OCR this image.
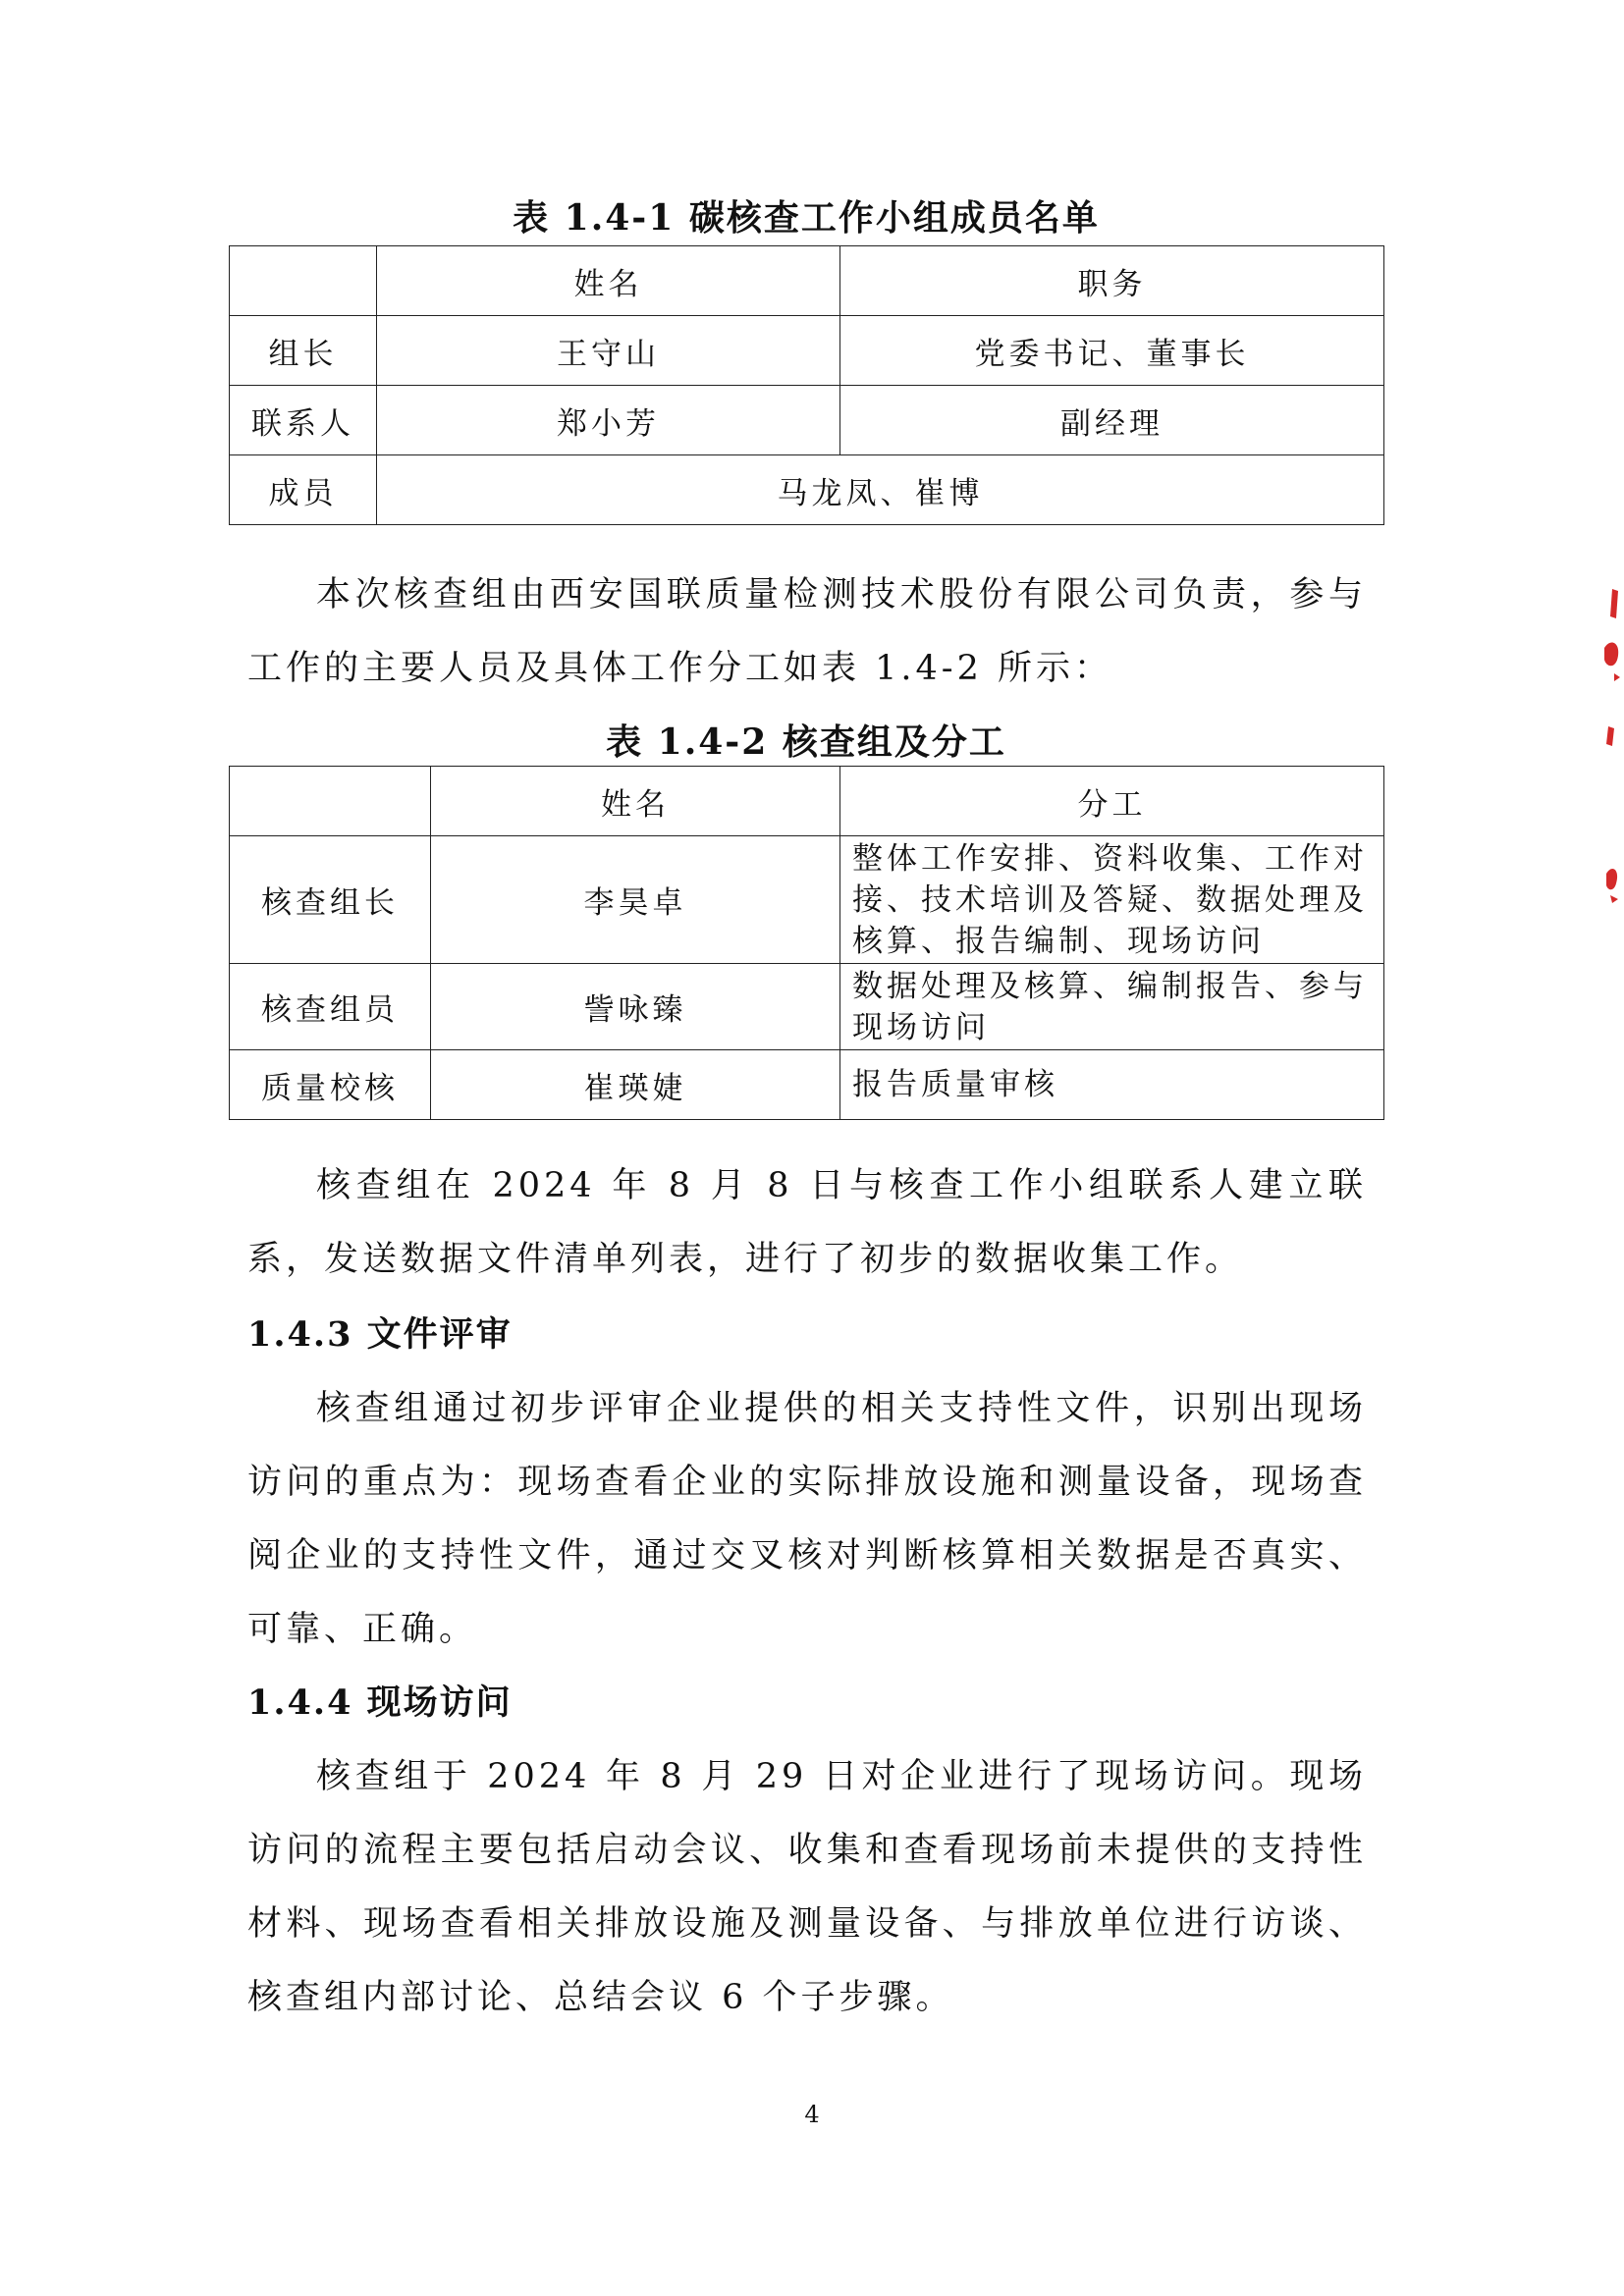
表 1.4-1 碳核查工作小组成员名单

	姓名	职务
组长	王守山	党委书记、董事长
联系人	郑小芳	副经理
成员	马龙凤、崔博	

本次核查组由西安国联质量检测技术股份有限公司负责，参与工作的主要人员及具体工作分工如表 1.4-2 所示：

表 1.4-2 核查组及分工

	姓名	分工
核查组长	李昊卓	整体工作安排、资料收集、工作对接、技术培训及答疑、数据处理及核算、报告编制、现场访问
核查组员	訾咏臻	数据处理及核算、编制报告、参与现场访问
质量校核	崔瑛婕	报告质量审核

核查组在 2024 年 8 月 8 日与核查工作小组联系人建立联系，发送数据文件清单列表，进行了初步的数据收集工作。

1.4.3 文件评审

核查组通过初步评审企业提供的相关支持性文件，识别出现场访问的重点为：现场查看企业的实际排放设施和测量设备，现场查阅企业的支持性文件，通过交叉核对判断核算相关数据是否真实、可靠、正确。

1.4.4 现场访问

核查组于 2024 年 8 月 29 日对企业进行了现场访问。现场访问的流程主要包括启动会议、收集和查看现场前未提供的支持性材料、现场查看相关排放设施及测量设备、与排放单位进行访谈、核查组内部讨论、总结会议 6 个子步骤。

4
